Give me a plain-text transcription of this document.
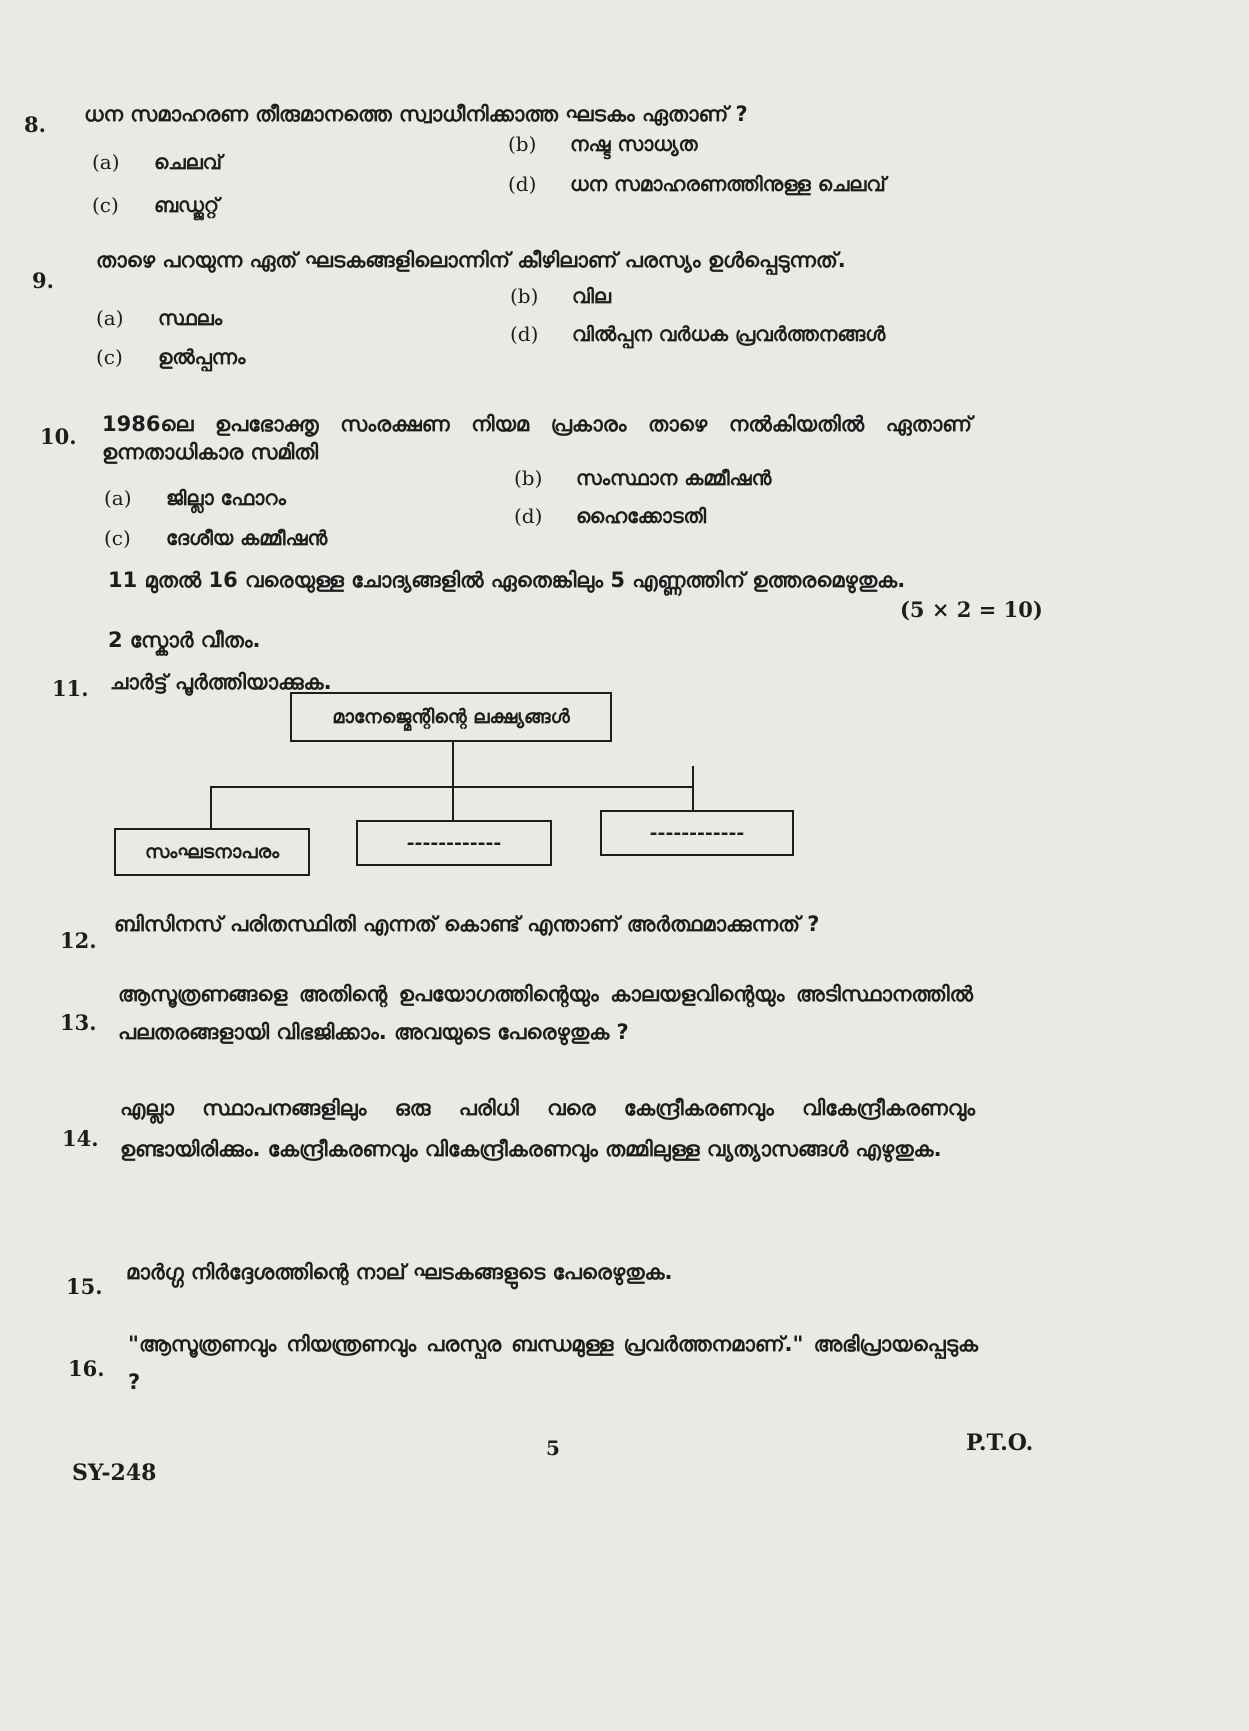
8. ധന സമാഹരണ തീരുമാനത്തെ സ്വാധീനിക്കാത്ത ഘടകം ഏതാണ് ?
(a) ചെലവ്
(b) നഷ്ട സാധ്യത
(c) ബഡ്ജറ്റ്
(d) ധന സമാഹരണത്തിനുള്ള ചെലവ്
9.
താഴെ പറയുന്ന ഏത് ഘടകങ്ങളിലൊന്നിന് കീഴിലാണ് പരസ്യം ഉൾപ്പെടുന്നത്.
(a) സ്ഥലം
(b) വില
(c) ഉൽപ്പന്നം
(d) വിൽപ്പന വർധക പ്രവർത്തനങ്ങൾ
10. 1986ലെ ഉപഭോക്തൃ സംരക്ഷണ നിയമ പ്രകാരം താഴെ നൽകിയതിൽ ഏതാണ് ഉന്നതാധികാര സമിതി
(a) ജില്ലാ ഫോറം
(b) സംസ്ഥാന കമ്മീഷൻ
(c) ദേശീയ കമ്മീഷൻ
(d) ഹൈക്കോടതി
11 മുതൽ 16 വരെയുള്ള ചോദ്യങ്ങളിൽ ഏതെങ്കിലും 5 എണ്ണത്തിന് ഉത്തരമെഴുതുക.
(5 × 2 = 10)
2 സ്കോർ വീതം.
11. ചാർട്ട് പൂർത്തിയാക്കുക.
മാനേജ്മെന്റിന്റെ ലക്ഷ്യങ്ങൾ
സംഘടനാപരം	------------	------------
12.
ബിസിനസ് പരിതസ്ഥിതി എന്നത് കൊണ്ട് എന്താണ് അർത്ഥമാക്കുന്നത് ?
13.
ആസൂത്രണങ്ങളെ അതിന്റെ ഉപയോഗത്തിന്റെയും കാലയളവിന്റെയും അടിസ്ഥാനത്തിൽ പലതരങ്ങളായി വിഭജിക്കാം. അവയുടെ പേരെഴുതുക ?
14.
എല്ലാ സ്ഥാപനങ്ങളിലും ഒരു പരിധി വരെ കേന്ദ്രീകരണവും വികേന്ദ്രീകരണവും ഉണ്ടായിരിക്കും. കേന്ദ്രീകരണവും വികേന്ദ്രീകരണവും തമ്മിലുള്ള വ്യത്യാസങ്ങൾ എഴുതുക.
15.
മാർഗ്ഗ നിർദ്ദേശത്തിന്റെ നാല് ഘടകങ്ങളുടെ പേരെഴുതുക.
16.
"ആസൂത്രണവും നിയന്ത്രണവും പരസ്പര ബന്ധമുള്ള പ്രവർത്തനമാണ്." അഭിപ്രായപ്പെടുക ?
SY-248
5	P.T.O.
